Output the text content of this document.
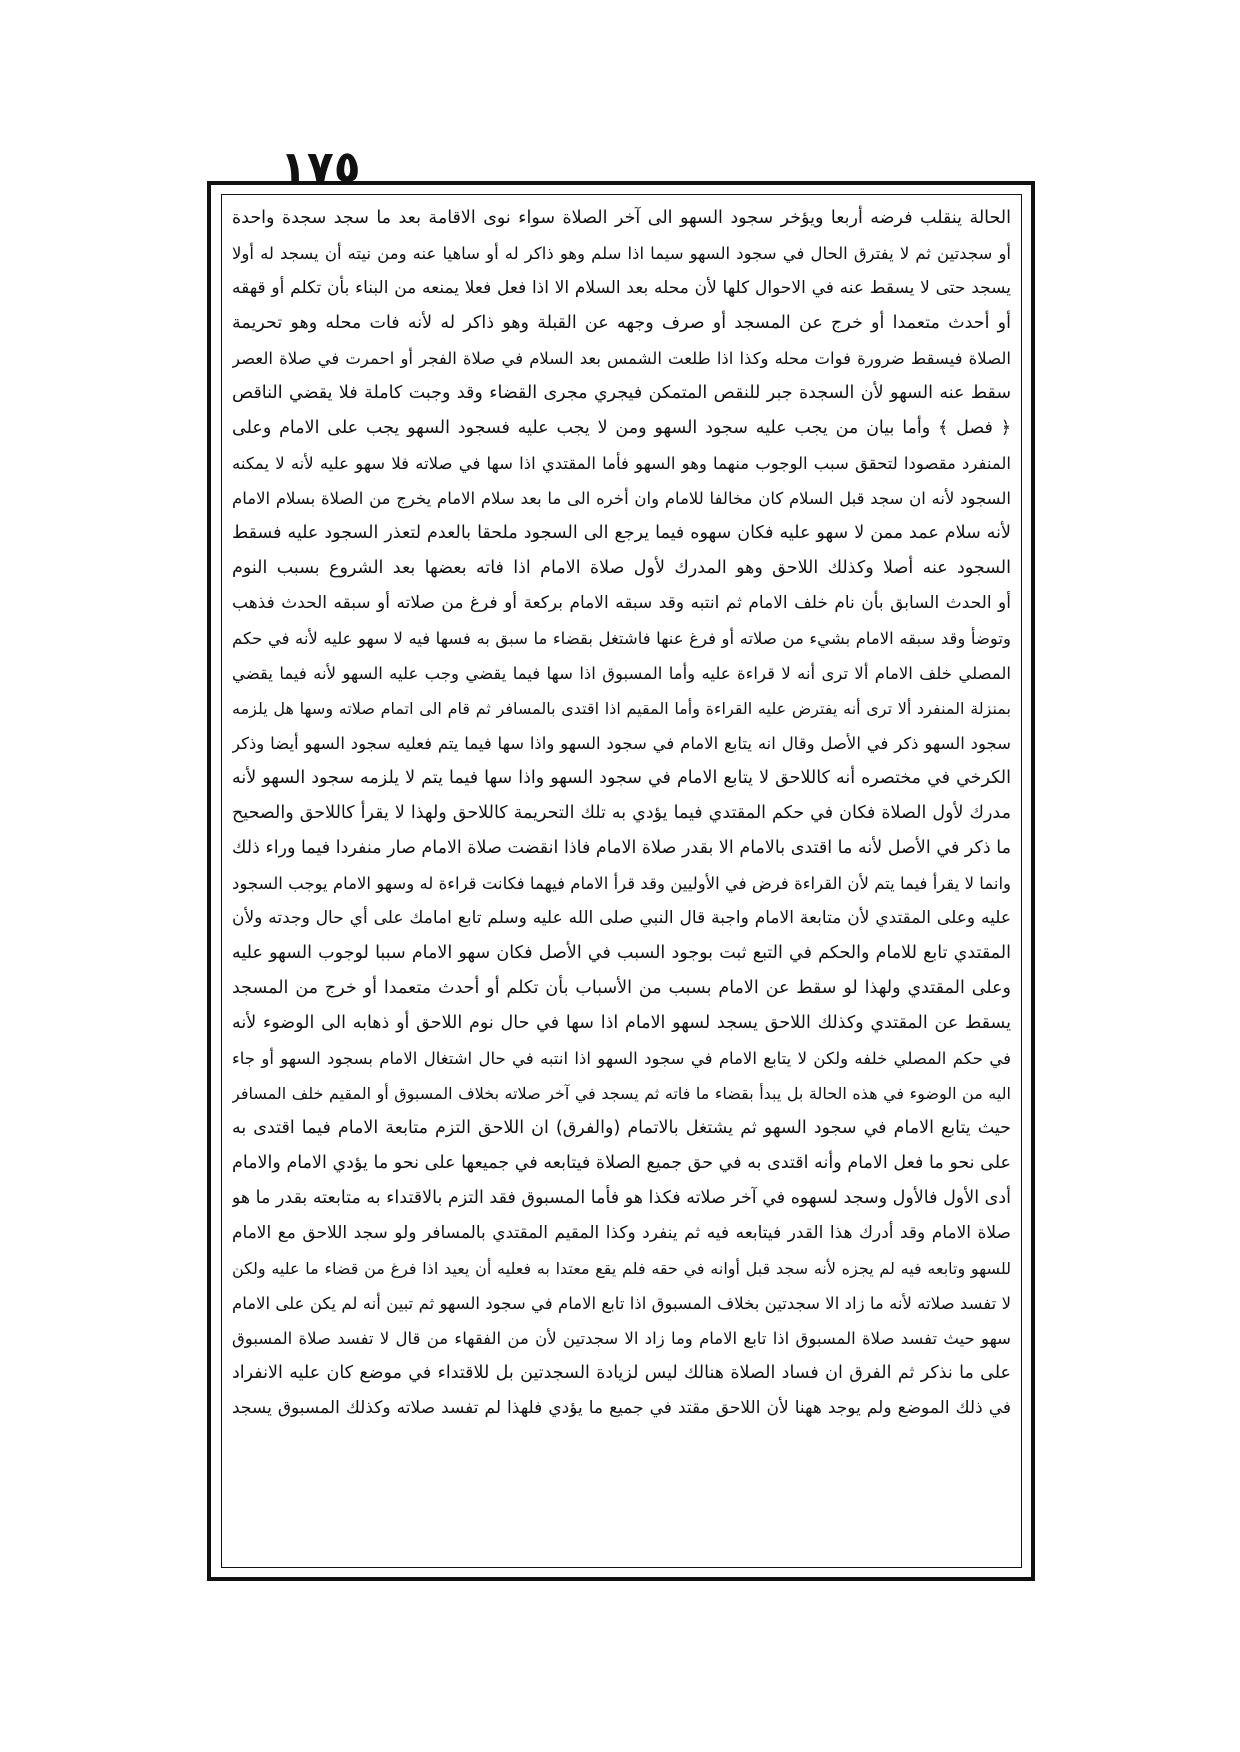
١٧٥
الحالة ينقلب فرضه أربعا ويؤخر سجود السهو الى آخر الصلاة سواء نوى الاقامة بعد ما سجد سجدة واحدة
أو سجدتين ثم لا يفترق الحال في سجود السهو سيما اذا سلم وهو ذاكر له أو ساهيا عنه ومن نيته أن يسجد له أولا
يسجد حتى لا يسقط عنه في الاحوال كلها لأن محله بعد السلام الا اذا فعل فعلا يمنعه من البناء بأن تكلم أو قهقه
أو أحدث متعمدا أو خرج عن المسجد أو صرف وجهه عن القبلة وهو ذاكر له لأنه فات محله وهو تحريمة
الصلاة فيسقط ضرورة فوات محله وكذا اذا طلعت الشمس بعد السلام في صلاة الفجر أو احمرت في صلاة العصر
سقط عنه السهو لأن السجدة جبر للنقص المتمكن فيجري مجرى القضاء وقد وجبت كاملة فلا يقضي الناقص
﴿ فصل ﴾ وأما بيان من يجب عليه سجود السهو ومن لا يجب عليه فسجود السهو يجب على الامام وعلى
المنفرد مقصودا لتحقق سبب الوجوب منهما وهو السهو فأما المقتدي اذا سها في صلاته فلا سهو عليه لأنه لا يمكنه
السجود لأنه ان سجد قبل السلام كان مخالفا للامام وان أخره الى ما بعد سلام الامام يخرج من الصلاة بسلام الامام
لأنه سلام عمد ممن لا سهو عليه فكان سهوه فيما يرجع الى السجود ملحقا بالعدم لتعذر السجود عليه فسقط
السجود عنه أصلا وكذلك اللاحق وهو المدرك لأول صلاة الامام اذا فاته بعضها بعد الشروع بسبب النوم
أو الحدث السابق بأن نام خلف الامام ثم انتبه وقد سبقه الامام بركعة أو فرغ من صلاته أو سبقه الحدث فذهب
وتوضأ وقد سبقه الامام بشيء من صلاته أو فرغ عنها فاشتغل بقضاء ما سبق به فسها فيه لا سهو عليه لأنه في حكم
المصلي خلف الامام ألا ترى أنه لا قراءة عليه وأما المسبوق اذا سها فيما يقضي وجب عليه السهو لأنه فيما يقضي
بمنزلة المنفرد ألا ترى أنه يفترض عليه القراءة وأما المقيم اذا اقتدى بالمسافر ثم قام الى اتمام صلاته وسها هل يلزمه
سجود السهو ذكر في الأصل وقال انه يتابع الامام في سجود السهو واذا سها فيما يتم فعليه سجود السهو أيضا وذكر
الكرخي في مختصره أنه كاللاحق لا يتابع الامام في سجود السهو واذا سها فيما يتم لا يلزمه سجود السهو لأنه
مدرك لأول الصلاة فكان في حكم المقتدي فيما يؤدي به تلك التحريمة كاللاحق ولهذا لا يقرأ كاللاحق والصحيح
ما ذكر في الأصل لأنه ما اقتدى بالامام الا بقدر صلاة الامام فاذا انقضت صلاة الامام صار منفردا فيما وراء ذلك
وانما لا يقرأ فيما يتم لأن القراءة فرض في الأوليين وقد قرأ الامام فيهما فكانت قراءة له وسهو الامام يوجب السجود
عليه وعلى المقتدي لأن متابعة الامام واجبة قال النبي صلى الله عليه وسلم تابع امامك على أي حال وجدته ولأن
المقتدي تابع للامام والحكم في التبع ثبت بوجود السبب في الأصل فكان سهو الامام سببا لوجوب السهو عليه
وعلى المقتدي ولهذا لو سقط عن الامام بسبب من الأسباب بأن تكلم أو أحدث متعمدا أو خرج من المسجد
يسقط عن المقتدي وكذلك اللاحق يسجد لسهو الامام اذا سها في حال نوم اللاحق أو ذهابه الى الوضوء لأنه
في حكم المصلي خلفه ولكن لا يتابع الامام في سجود السهو اذا انتبه في حال اشتغال الامام بسجود السهو أو جاء
اليه من الوضوء في هذه الحالة بل يبدأ بقضاء ما فاته ثم يسجد في آخر صلاته بخلاف المسبوق أو المقيم خلف المسافر
حيث يتابع الامام في سجود السهو ثم يشتغل بالاتمام (والفرق) ان اللاحق التزم متابعة الامام فيما اقتدى به
على نحو ما فعل الامام وأنه اقتدى به في حق جميع الصلاة فيتابعه في جميعها على نحو ما يؤدي الامام والامام
أدى الأول فالأول وسجد لسهوه في آخر صلاته فكذا هو فأما المسبوق فقد التزم بالاقتداء به متابعته بقدر ما هو
صلاة الامام وقد أدرك هذا القدر فيتابعه فيه ثم ينفرد وكذا المقيم المقتدي بالمسافر ولو سجد اللاحق مع الامام
للسهو وتابعه فيه لم يجزه لأنه سجد قبل أوانه في حقه فلم يقع معتدا به فعليه أن يعيد اذا فرغ من قضاء ما عليه ولكن
لا تفسد صلاته لأنه ما زاد الا سجدتين بخلاف المسبوق اذا تابع الامام في سجود السهو ثم تبين أنه لم يكن على الامام
سهو حيث تفسد صلاة المسبوق اذا تابع الامام وما زاد الا سجدتين لأن من الفقهاء من قال لا تفسد صلاة المسبوق
على ما نذكر ثم الفرق ان فساد الصلاة هنالك ليس لزيادة السجدتين بل للاقتداء في موضع كان عليه الانفراد
في ذلك الموضع ولم يوجد ههنا لأن اللاحق مقتد في جميع ما يؤدي فلهذا لم تفسد صلاته وكذلك المسبوق يسجد
